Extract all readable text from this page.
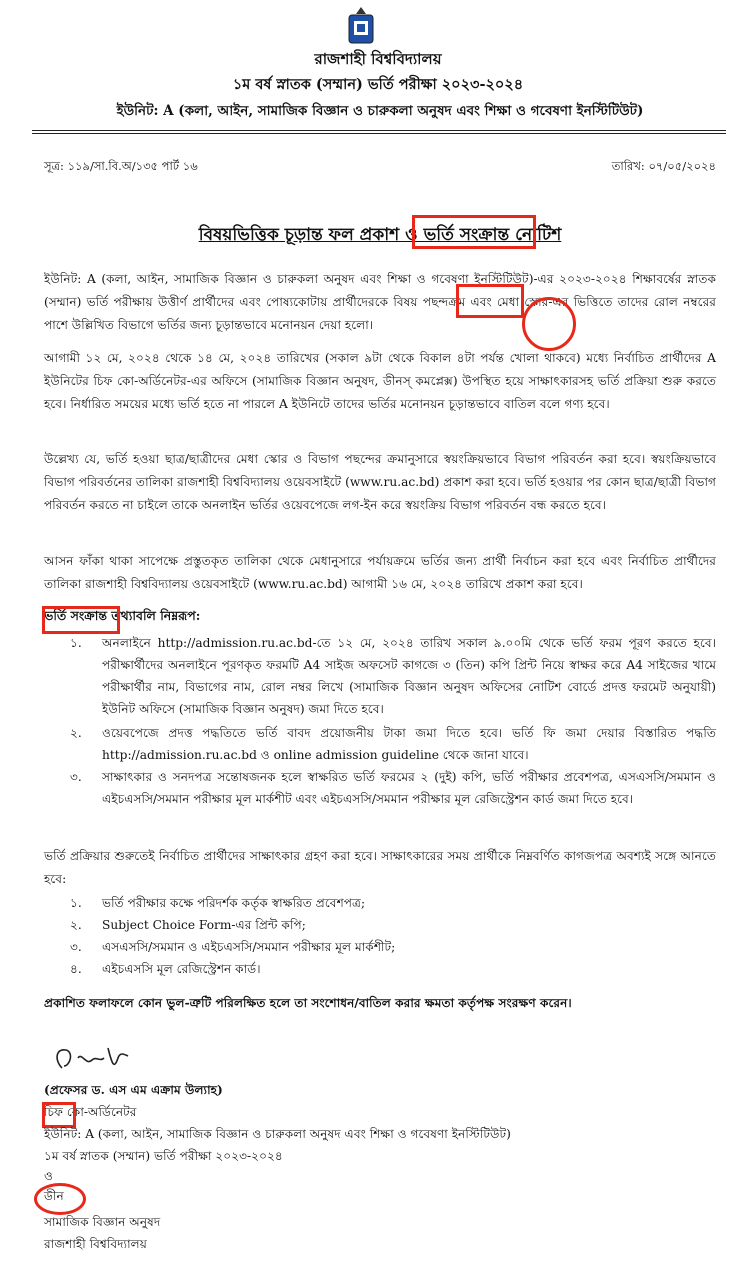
রাজশাহী বিশ্ববিদ্যালয়
১ম বর্ষ স্নাতক (সম্মান) ভর্তি পরীক্ষা ২০২৩-২০২৪
ইউনিট: A (কলা, আইন, সামাজিক বিজ্ঞান ও চারুকলা অনুষদ এবং শিক্ষা ও গবেষণা ইনস্টিটিউট)
সূত্র: ১১৯/সা.বি.অ/১৩৫ পার্ট ১৬	তারিখ: ০৭/০৫/২০২৪
বিষয়ভিত্তিক চূড়ান্ত ফল প্রকাশ ও ভর্তি সংক্রান্ত নোটিশ
ইউনিট: A (কলা, আইন, সামাজিক বিজ্ঞান ও চারুকলা অনুষদ এবং শিক্ষা ও গবেষণা ইনস্টিটিউট)-এর ২০২৩-২০২৪ শিক্ষাবর্ষের স্নাতক (সম্মান) ভর্তি পরীক্ষায় উত্তীর্ণ প্রার্থীদের এবং পোষ্যকোটায় প্রার্থীদেরকে বিষয় পছন্দক্রম এবং মেধা স্কোর-এর ভিত্তিতে তাদের রোল নম্বরের পাশে উল্লিখিত বিভাগে ভর্তির জন্য চূড়ান্তভাবে মনোনয়ন দেয়া হলো।
আগামী ১২ মে, ২০২৪ থেকে ১৪ মে, ২০২৪ তারিখের (সকাল ৯টা থেকে বিকাল ৪টা পর্যন্ত খোলা থাকবে) মধ্যে নির্বাচিত প্রার্থীদের A ইউনিটের চিফ কো-অর্ডিনেটর-এর অফিসে (সামাজিক বিজ্ঞান অনুষদ, ডীনস্ কমপ্লেক্স) উপস্থিত হয়ে সাক্ষাৎকারসহ ভর্তি প্রক্রিয়া শুরু করতে হবে। নির্ধারিত সময়ের মধ্যে ভর্তি হতে না পারলে A ইউনিটে তাদের ভর্তির মনোনয়ন চূড়ান্তভাবে বাতিল বলে গণ্য হবে।
উল্লেখ্য যে, ভর্তি হওয়া ছাত্র/ছাত্রীদের মেধা স্কোর ও বিভাগ পছন্দের ক্রমানুসারে স্বয়ংক্রিয়ভাবে বিভাগ পরিবর্তন করা হবে। স্বয়ংক্রিয়ভাবে বিভাগ পরিবর্তনের তালিকা রাজশাহী বিশ্ববিদ্যালয় ওয়েবসাইটে (www.ru.ac.bd) প্রকাশ করা হবে। ভর্তি হওয়ার পর কোন ছাত্র/ছাত্রী বিভাগ পরিবর্তন করতে না চাইলে তাকে অনলাইন ভর্তির ওয়েবপেজে লগ-ইন করে স্বয়ংক্রিয় বিভাগ পরিবর্তন বন্ধ করতে হবে।
আসন ফাঁকা থাকা সাপেক্ষে প্রস্তুতকৃত তালিকা থেকে মেধানুসারে পর্যায়ক্রমে ভর্তির জন্য প্রার্থী নির্বাচন করা হবে এবং নির্বাচিত প্রার্থীদের তালিকা রাজশাহী বিশ্ববিদ্যালয় ওয়েবসাইটে (www.ru.ac.bd) আগামী ১৬ মে, ২০২৪ তারিখে প্রকাশ করা হবে।
ভর্তি সংক্রান্ত তথ্যাবলি নিম্নরূপ:
১. অনলাইনে http://admission.ru.ac.bd-তে ১২ মে, ২০২৪ তারিখ সকাল ৯.০০মি থেকে ভর্তি ফরম পূরণ করতে হবে। পরীক্ষার্থীদের অনলাইনে পূরণকৃত ফরমটি A4 সাইজ অফসেট কাগজে ৩ (তিন) কপি প্রিন্ট নিয়ে স্বাক্ষর করে A4 সাইজের খামে পরীক্ষার্থীর নাম, বিভাগের নাম, রোল নম্বর লিখে (সামাজিক বিজ্ঞান অনুষদ অফিসের নোটিশ বোর্ডে প্রদত্ত ফরমেট অনুযায়ী) ইউনিট অফিসে (সামাজিক বিজ্ঞান অনুষদ) জমা দিতে হবে।
২. ওয়েবপেজে প্রদত্ত পদ্ধতিতে ভর্তি বাবদ প্রয়োজনীয় টাকা জমা দিতে হবে। ভর্তি ফি জমা দেয়ার বিস্তারিত পদ্ধতি http://admission.ru.ac.bd ও online admission guideline থেকে জানা যাবে।
৩. সাক্ষাৎকার ও সনদপত্র সন্তোষজনক হলে স্বাক্ষরিত ভর্তি ফরমের ২ (দুই) কপি, ভর্তি পরীক্ষার প্রবেশপত্র, এসএসসি/সমমান ও এইচএসসি/সমমান পরীক্ষার মূল মার্কশীট এবং এইচএসসি/সমমান পরীক্ষার মূল রেজিস্ট্রেশন কার্ড জমা দিতে হবে।
ভর্তি প্রক্রিয়ার শুরুতেই নির্বাচিত প্রার্থীদের সাক্ষাৎকার গ্রহণ করা হবে। সাক্ষাৎকারের সময় প্রার্থীকে নিম্নবর্ণিত কাগজপত্র অবশ্যই সঙ্গে আনতে হবে:
১. ভর্তি পরীক্ষার কক্ষে পরিদর্শক কর্তৃক স্বাক্ষরিত প্রবেশপত্র;
২. Subject Choice Form-এর প্রিন্ট কপি;
৩. এসএসসি/সমমান ও এইচএসসি/সমমান পরীক্ষার মূল মার্কশীট;
৪. এইচএসসি মূল রেজিস্ট্রেশন কার্ড।
প্রকাশিত ফলাফলে কোন ভুল-ত্রুটি পরিলক্ষিত হলে তা সংশোধন/বাতিল করার ক্ষমতা কর্তৃপক্ষ সংরক্ষণ করেন।
(প্রফেসর ড. এস এম এক্রাম উল্যাহ)
চিফ কো-অর্ডিনেটর
ইউনিট: A (কলা, আইন, সামাজিক বিজ্ঞান ও চারুকলা অনুষদ এবং শিক্ষা ও গবেষণা ইনস্টিটিউট)
১ম বর্ষ স্নাতক (সম্মান) ভর্তি পরীক্ষা ২০২৩-২০২৪
ও
ডীন
সামাজিক বিজ্ঞান অনুষদ
রাজশাহী বিশ্ববিদ্যালয়
